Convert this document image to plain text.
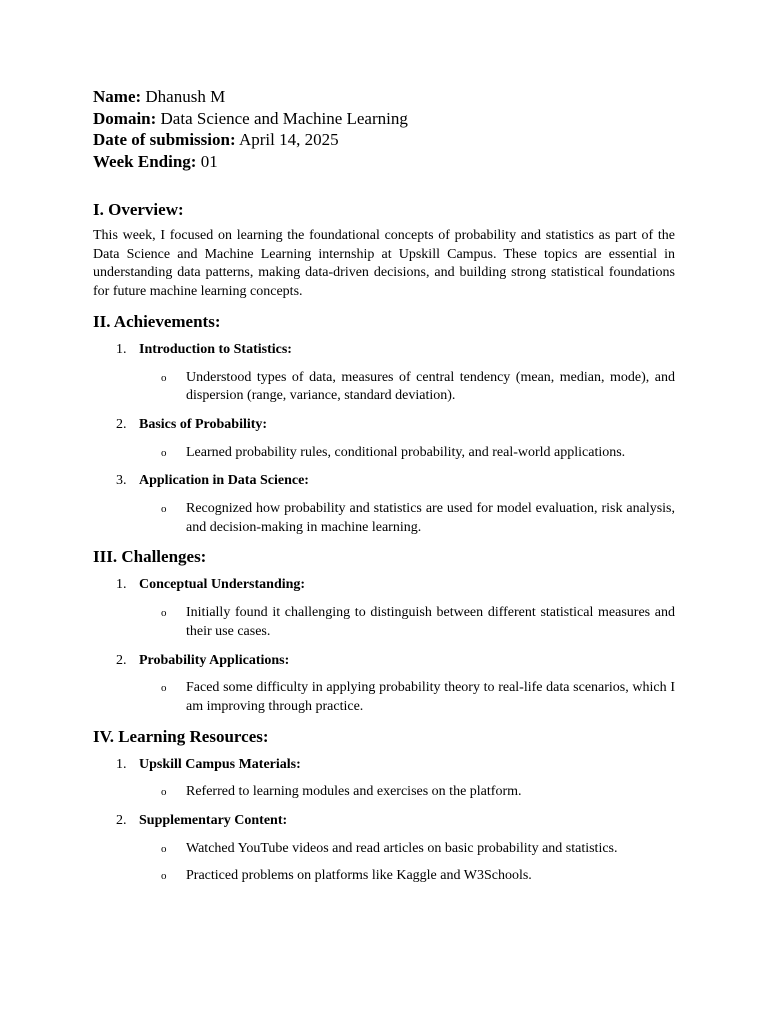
Name: Dhanush M
Domain: Data Science and Machine Learning
Date of submission: April 14, 2025
Week Ending: 01
I. Overview:

This week, I focused on learning the foundational concepts of probability and statistics as part of the Data Science and Machine Learning internship at Upskill Campus. These topics are essential in understanding data patterns, making data-driven decisions, and building strong statistical foundations for future machine learning concepts.

II. Achievements:
1. Introduction to Statistics:
o Understood types of data, measures of central tendency (mean, median, mode), and dispersion (range, variance, standard deviation).
2. Basics of Probability:
o Learned probability rules, conditional probability, and real-world applications.
3. Application in Data Science:
o Recognized how probability and statistics are used for model evaluation, risk analysis, and decision-making in machine learning.
III. Challenges:
1. Conceptual Understanding:
o Initially found it challenging to distinguish between different statistical measures and their use cases.
2. Probability Applications:
o Faced some difficulty in applying probability theory to real-life data scenarios, which I am improving through practice.
IV. Learning Resources:
1. Upskill Campus Materials:
o Referred to learning modules and exercises on the platform.
2. Supplementary Content:
o Watched YouTube videos and read articles on basic probability and statistics.
o Practiced problems on platforms like Kaggle and W3Schools.
